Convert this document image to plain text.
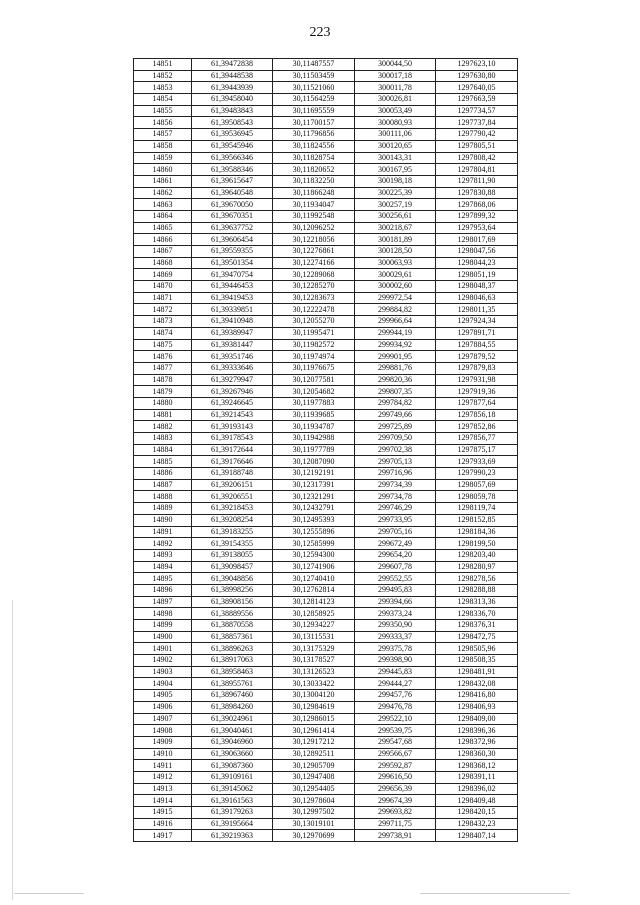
223
14851	61,39472838	30,11487557	300044,50	1297623,10
14852	61,39448538	30,11503459	300017,18	1297630,80
14853	61,39443939	30,11521060	300011,78	1297640,05
14854	61,39458040	30,11564259	300026,81	1297663,59
14855	61,39483843	30,11695559	300053,49	1297734,57
14856	61,39508543	30,11700157	300080,93	1297737,84
14857	61,39536945	30,11796856	300111,06	1297790,42
14858	61,39545946	30,11824556	300120,65	1297805,51
14859	61,39566346	30,11828754	300143,31	1297808,42
14860	61,39588346	30,11820652	300167,95	1297804,81
14861	61,39615647	30,11832250	300198,18	1297811,90
14862	61,39640548	30,11866248	300225,39	1297830,88
14863	61,39670050	30,11934047	300257,19	1297868,06
14864	61,39670351	30,11992548	300256,61	1297899,32
14865	61,39637752	30,12096252	300218,67	1297953,64
14866	61,39606454	30,12218056	300181,89	1298017,69
14867	61,39559355	30,12276861	300128,50	1298047,56
14868	61,39501354	30,12274166	300063,93	1298044,23
14869	61,39470754	30,12289068	300029,61	1298051,19
14870	61,39446453	30,12285270	300002,60	1298048,37
14871	61,39419453	30,12283673	299972,54	1298046,63
14872	61,39339851	30,12222478	299884,82	1298011,35
14873	61,39410948	30,12055270	299966,64	1297924,34
14874	61,39389947	30,11995471	299944,19	1297891,71
14875	61,39381447	30,11982572	299934,92	1297884,55
14876	61,39351746	30,11974974	299901,95	1297879,52
14877	61,39333646	30,11976675	299881,76	1297879,83
14878	61,39279947	30,12077581	299820,36	1297931,98
14879	61,39267946	30,12054682	299807,35	1297919,36
14880	61,39246645	30,11977883	299784,82	1297877,64
14881	61,39214543	30,11939685	299749,66	1297856,18
14882	61,39193143	30,11934787	299725,89	1297852,86
14883	61,39178543	30,11942988	299709,50	1297856,77
14884	61,39172644	30,11977789	299702,38	1297875,17
14885	61,39176646	30,12087090	299705,13	1297933,69
14886	61,39188748	30,12192191	299716,96	1297990,23
14887	61,39206151	30,12317391	299734,39	1298057,69
14888	61,39206551	30,12321291	299734,78	1298059,78
14889	61,39218453	30,12432791	299746,29	1298119,74
14890	61,39208254	30,12495393	299733,95	1298152,85
14891	61,39183255	30,12555896	299705,16	1298184,36
14892	61,39154355	30,12585999	299672,49	1298199,50
14893	61,39138055	30,12594300	299654,20	1298203,40
14894	61,39098457	30,12741906	299607,78	1298280,97
14895	61,39048856	30,12740410	299552,55	1298278,56
14896	61,38998256	30,12762814	299495,83	1298288,88
14897	61,38908156	30,12814123	299394,66	1298313,36
14898	61,38889556	30,12858925	299373,24	1298336,70
14899	61,38870558	30,12934227	299350,90	1298376,31
14900	61,38857361	30,13115531	299333,37	1298472,75
14901	61,38896263	30,13175329	299375,78	1298505,96
14902	61,38917063	30,13178527	299398,90	1298508,35
14903	61,38958463	30,13126523	299445,83	1298481,91
14904	61,38955761	30,13033422	299444,27	1298432,08
14905	61,38967460	30,13004120	299457,76	1298416,80
14906	61,38984260	30,12984619	299476,78	1298406,93
14907	61,39024961	30,12986015	299522,10	1298409,00
14908	61,39040461	30,12961414	299539,75	1298396,36
14909	61,39046960	30,12917212	299547,68	1298372,96
14910	61,39063660	30,12892511	299566,67	1298360,30
14911	61,39087360	30,12905709	299592,87	1298368,12
14912	61,39109161	30,12947408	299616,50	1298391,11
14913	61,39145062	30,12954405	299656,39	1298396,02
14914	61,39161563	30,12978604	299674,39	1298409,48
14915	61,39179263	30,12997502	299693,82	1298420,15
14916	61,39195664	30,13019101	299711,75	1298432,23
14917	61,39219363	30,12970699	299738,91	1298407,14
